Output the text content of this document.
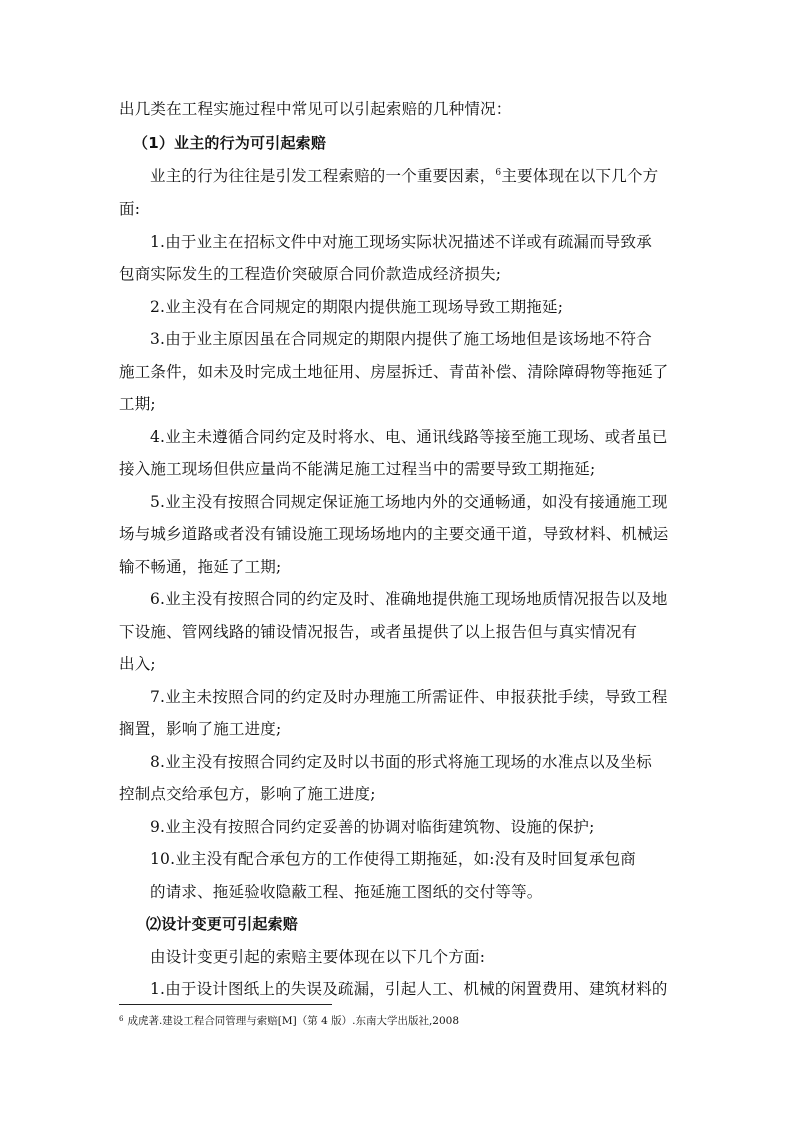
出几类在工程实施过程中常见可以引起索赔的几种情况：
（1）业主的行为可引起索赔
业主的行为往往是引发工程索赔的一个重要因素，$^6$主要体现在以下几个方
面:
1.由于业主在招标文件中对施工现场实际状况描述不详或有疏漏而导致承
包商实际发生的工程造价突破原合同价款造成经济损失;
2.业主没有在合同规定的期限内提供施工现场导致工期拖延;
3.由于业主原因虽在合同规定的期限内提供了施工场地但是该场地不符合
施工条件，如未及时完成土地征用、房屋拆迁、青苗补偿、清除障碍物等拖延了
工期;
4.业主未遵循合同约定及时将水、电、通讯线路等接至施工现场、或者虽已
接入施工现场但供应量尚不能满足施工过程当中的需要导致工期拖延;
5.业主没有按照合同规定保证施工场地内外的交通畅通，如没有接通施工现
场与城乡道路或者没有铺设施工现场场地内的主要交通干道，导致材料、机械运
输不畅通，拖延了工期;
6.业主没有按照合同的约定及时、准确地提供施工现场地质情况报告以及地
下设施、管网线路的铺设情况报告，或者虽提供了以上报告但与真实情况有
出入;
7.业主未按照合同的约定及时办理施工所需证件、申报获批手续，导致工程
搁置，影响了施工进度;
8.业主没有按照合同约定及时以书面的形式将施工现场的水准点以及坐标
控制点交给承包方，影响了施工进度;
9.业主没有按照合同约定妥善的协调对临街建筑物、设施的保护;
10.业主没有配合承包方的工作使得工期拖延，如:没有及时回复承包商
的请求、拖延验收隐蔽工程、拖延施工图纸的交付等等。
⑵设计变更可引起索赔
由设计变更引起的索赔主要体现在以下几个方面:
1.由于设计图纸上的失误及疏漏，引起人工、机械的闲置费用、建筑材料的
$^6$ 成虎著.建设工程合同管理与索赔[M]（第 4 版）.东南大学出版社,2008
